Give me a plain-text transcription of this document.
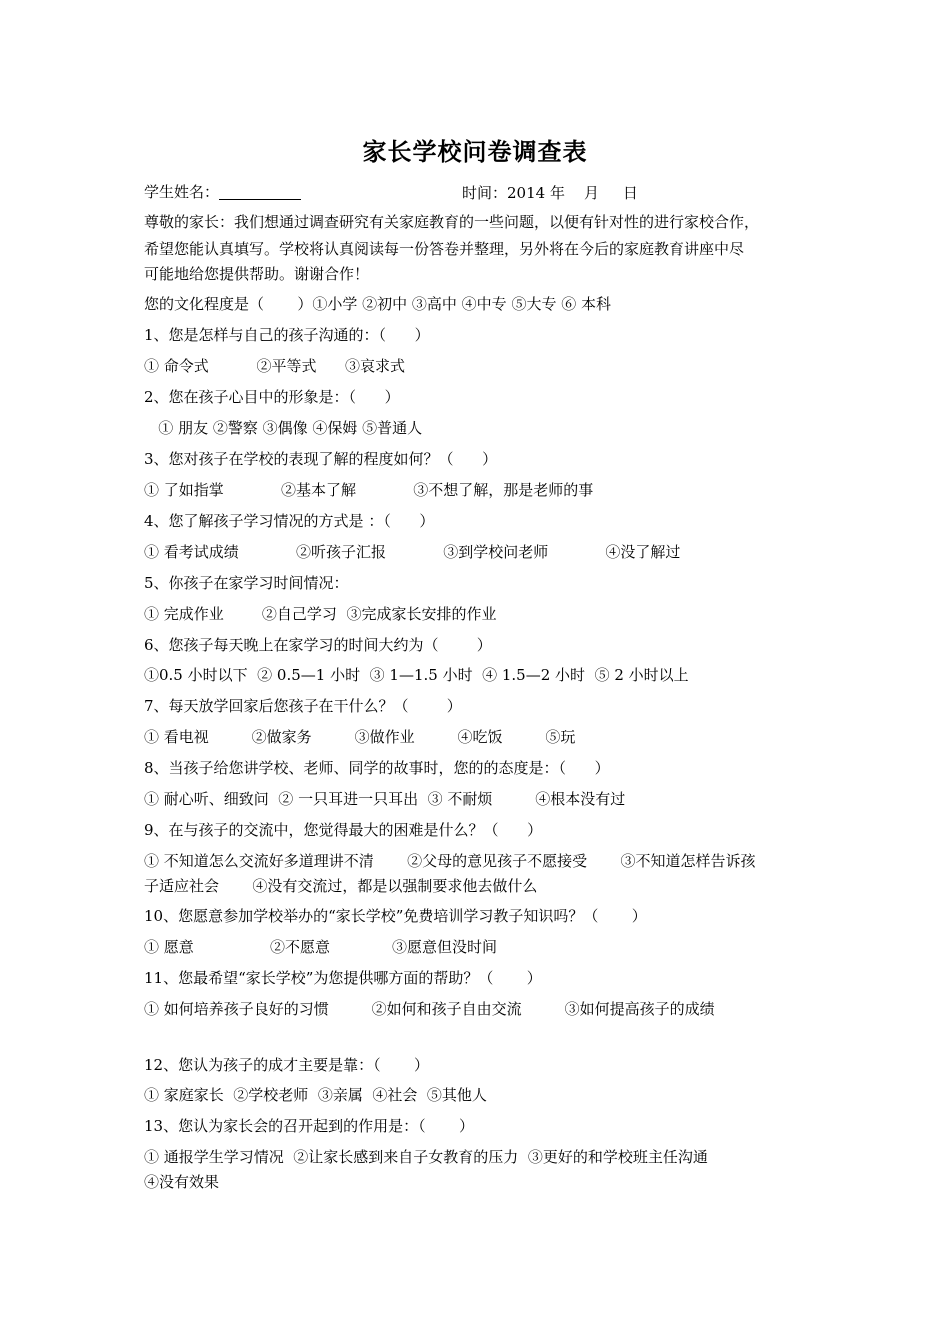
家长学校问卷调查表
学生姓名：	时间：2014 年    月     日
尊敬的家长：我们想通过调查研究有关家庭教育的一些问题，以便有针对性的进行家校合作，
希望您能认真填写。学校将认真阅读每一份答卷并整理，另外将在今后的家庭教育讲座中尽
可能地给您提供帮助。谢谢合作！
您的文化程度是（       ）①小学 ②初中 ③高中 ④中专 ⑤大专 ⑥ 本科
1、您是怎样与自己的孩子沟通的：（      ）
① 命令式          ②平等式      ③哀求式
2、您在孩子心目中的形象是：（      ）
① 朋友 ②警察 ③偶像 ④保姆 ⑤普通人
3、您对孩子在学校的表现了解的程度如何？（      ）
① 了如指掌            ②基本了解            ③不想了解，那是老师的事
4、您了解孩子学习情况的方式是 ：（      ）
① 看考试成绩            ②听孩子汇报            ③到学校问老师            ④没了解过
5、你孩子在家学习时间情况：
① 完成作业        ②自己学习  ③完成家长安排的作业
6、您孩子每天晚上在家学习的时间大约为（        ）
①0.5 小时以下  ② 0.5—1 小时  ③ 1—1.5 小时  ④ 1.5—2 小时  ⑤ 2 小时以上
7、每天放学回家后您孩子在干什么？（        ）
① 看电视         ②做家务         ③做作业         ④吃饭         ⑤玩
8、当孩子给您讲学校、老师、同学的故事时，您的的态度是：（      ）
① 耐心听、细致问  ② 一只耳进一只耳出  ③ 不耐烦         ④根本没有过
9、在与孩子的交流中，您觉得最大的困难是什么？（      ）
① 不知道怎么交流好多道理讲不清       ②父母的意见孩子不愿接受       ③不知道怎样告诉孩
子适应社会       ④没有交流过，都是以强制要求他去做什么
10、您愿意参加学校举办的“家长学校”免费培训学习教子知识吗？（       ）
① 愿意                ②不愿意             ③愿意但没时间
11、您最希望“家长学校”为您提供哪方面的帮助？（       ）
① 如何培养孩子良好的习惯         ②如何和孩子自由交流         ③如何提高孩子的成绩
12、您认为孩子的成才主要是靠：（       ）
① 家庭家长  ②学校老师  ③亲属  ④社会  ⑤其他人
13、您认为家长会的召开起到的作用是：（       ）
① 通报学生学习情况  ②让家长感到来自子女教育的压力  ③更好的和学校班主任沟通
④没有效果
